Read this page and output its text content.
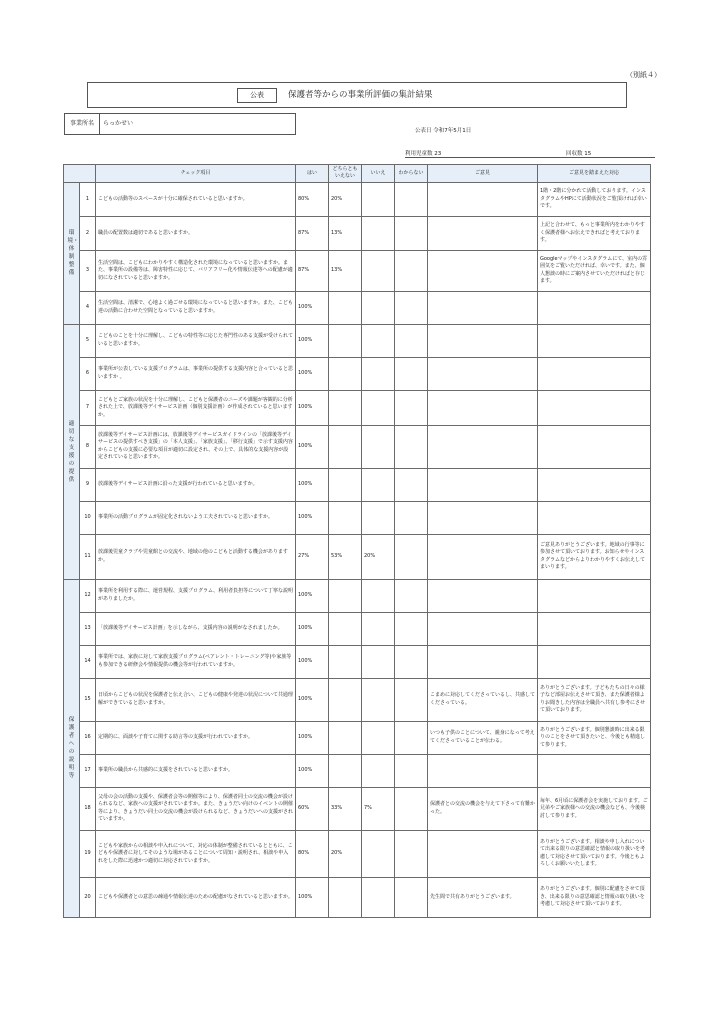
（別紙４）
公表	保護者等からの事業所評価の集計結果
事業所名	らっかせい
公表日 令和7年5月1日
利用児童数 23	回収数 15
		チェック項目	はい	どちらとも いえない	いいえ	わからない	ご意見	ご意見を踏まえた対応
環境・体制整備	1	こどもの活動等のスペースが十分に確保されていると思いますか。	80%	20%				1階・2階に分かれて活動しております。インスタグラムやHPにて活動状況をご覧頂ければ幸いです。
	2	職員の配置数は適切であると思いますか。	87%	13%				上記と合わせて、もっと事業所内をわかりやすく保護者様へお伝えできればと考えております。
	3	生活空間は、こどもにわかりやすく構造化された環境になっていると思いますか。また、事業所の設備等は、障害特性に応じて、バリアフリー化や情報伝達等への配慮が適切になされていると思いますか。	87%	13%				Googleマップやインスタグラムにて、室内の雰囲気をご覧いただければ、幸いです。また、個人懇談の時にご案内させていただければと存じます。
	4	生活空間は、清潔で、心地よく過ごせる環境になっていると思いますか。また、こども達の活動に合わせた空間となっていると思いますか。	100%					
適切な支援の提供	5	こどものことを十分に理解し、こどもの特性等に応じた専門性のある支援が受けられていると思いますか。	100%					
	6	事業所が公表している支援プログラムは、事業所の提供する支援内容と合っていると思いますか 。	100%					
	7	こどもとご家族の状況を十分に理解し、こどもと保護者のニーズや課題が客観的に分析された上で、放課後等デイサービス計画（個別支援計画）が作成されていると思いますか。	100%					
	8	放課後等デイサービス計画には、放課後等デイサービスガイドラインの「放課後等デイサービスの提供すべき支援」の「本人支援」、「家族支援」、「移行支援」で示す支援内容からこどもの支援に必要な項目が適切に設定され、その上で、具体的な支援内容が設定されていると思いますか。	100%					
	9	放課後等デイサービス計画に沿った支援が行われていると思いますか。	100%					
	10	事業所の活動プログラムが固定化されないよう工夫されていると思いますか。	100%					
	11	放課後児童クラブや児童館との交流や、地域の他のこどもと活動する機会がありますか。	27%	53%	20%			ご意見ありがとうございます。地域の行事等に参加させて頂いております。お知らせやインスタグラムなどからよりわかりやすくお伝えしてまいります。
保護者への説明等	12	事業所を利用する際に、運営規程、支援プログラム、利用者負担等について丁寧な説明がありましたか。	100%					
	13	「放課後等デイサービス計画」を示しながら、支援内容の説明がなされましたか。	100%					
	14	事業所では、家族に対して家族支援プログラム(ペアレント・トレーニング等)や家族等も参加できる研修会や情報提供の機会等が行われていますか。	100%					
	15	日頃からこどもの状況を保護者と伝え合い、こどもの健康や発達の状況について共通理解ができていると思いますか。	100%				こまめに対応してくださっているし、共感してくださっている。	ありがとうございます。子どもたちの日々の様子など部屋お伝えさせて頂き、また保護者様よりお聞きした内容は全職員へ共有し参考にさせて頂いております。
	16	定期的に、面談や子育てに関する助言等の支援が行われていますか。	100%				いつも子供のことについて、親身になって考えてくださっていることが伝わる。	ありがとうございます。個別懇談時に出来る限りのことをさせて頂きたいと、今後とも精進して参ります。
	17	事業所の職員から共感的に支援をされていると思いますか。	100%					
	18	父母の会の活動の支援や、保護者会等の開催等により、保護者同士の交流の機会が設けられるなど、家族への支援がされていますか。また、きょうだい向けのイベントの開催等により、きょうだい同士の交流の機会が設けられるなど、きょうだいへの支援がされていますか。	60%	33%	7%		保護者との交流の機会を与えて下さって有難かった。	毎年、6月頃に保護者会を実施しております。ご兄弟やご家族様への交流の機会なども、今後検討して参ります。
	19	こどもや家族からの相談や申入れについて、対応の体制が整備されているとともに、こどもや保護者に対してそのような場があることについて周知・説明され、相談や申入れをした際に迅速かつ適切に対応されていますか。	80%	20%				ありがとうございます。相談や申し入れについて出来る限りの意思確認と情報の取り扱いを考慮して対応させて頂いております。今後ともよろしくお願いいたします。
	20	こどもや保護者との意思の疎通や情報伝達のための配慮がなされていると思いますか。	100%				先生間で共有ありがとうございます。	ありがとうございます。個別に配慮をさせて頂き、出来る限りの意思確認と情報の取り扱いを考慮して対応させて頂いております。
